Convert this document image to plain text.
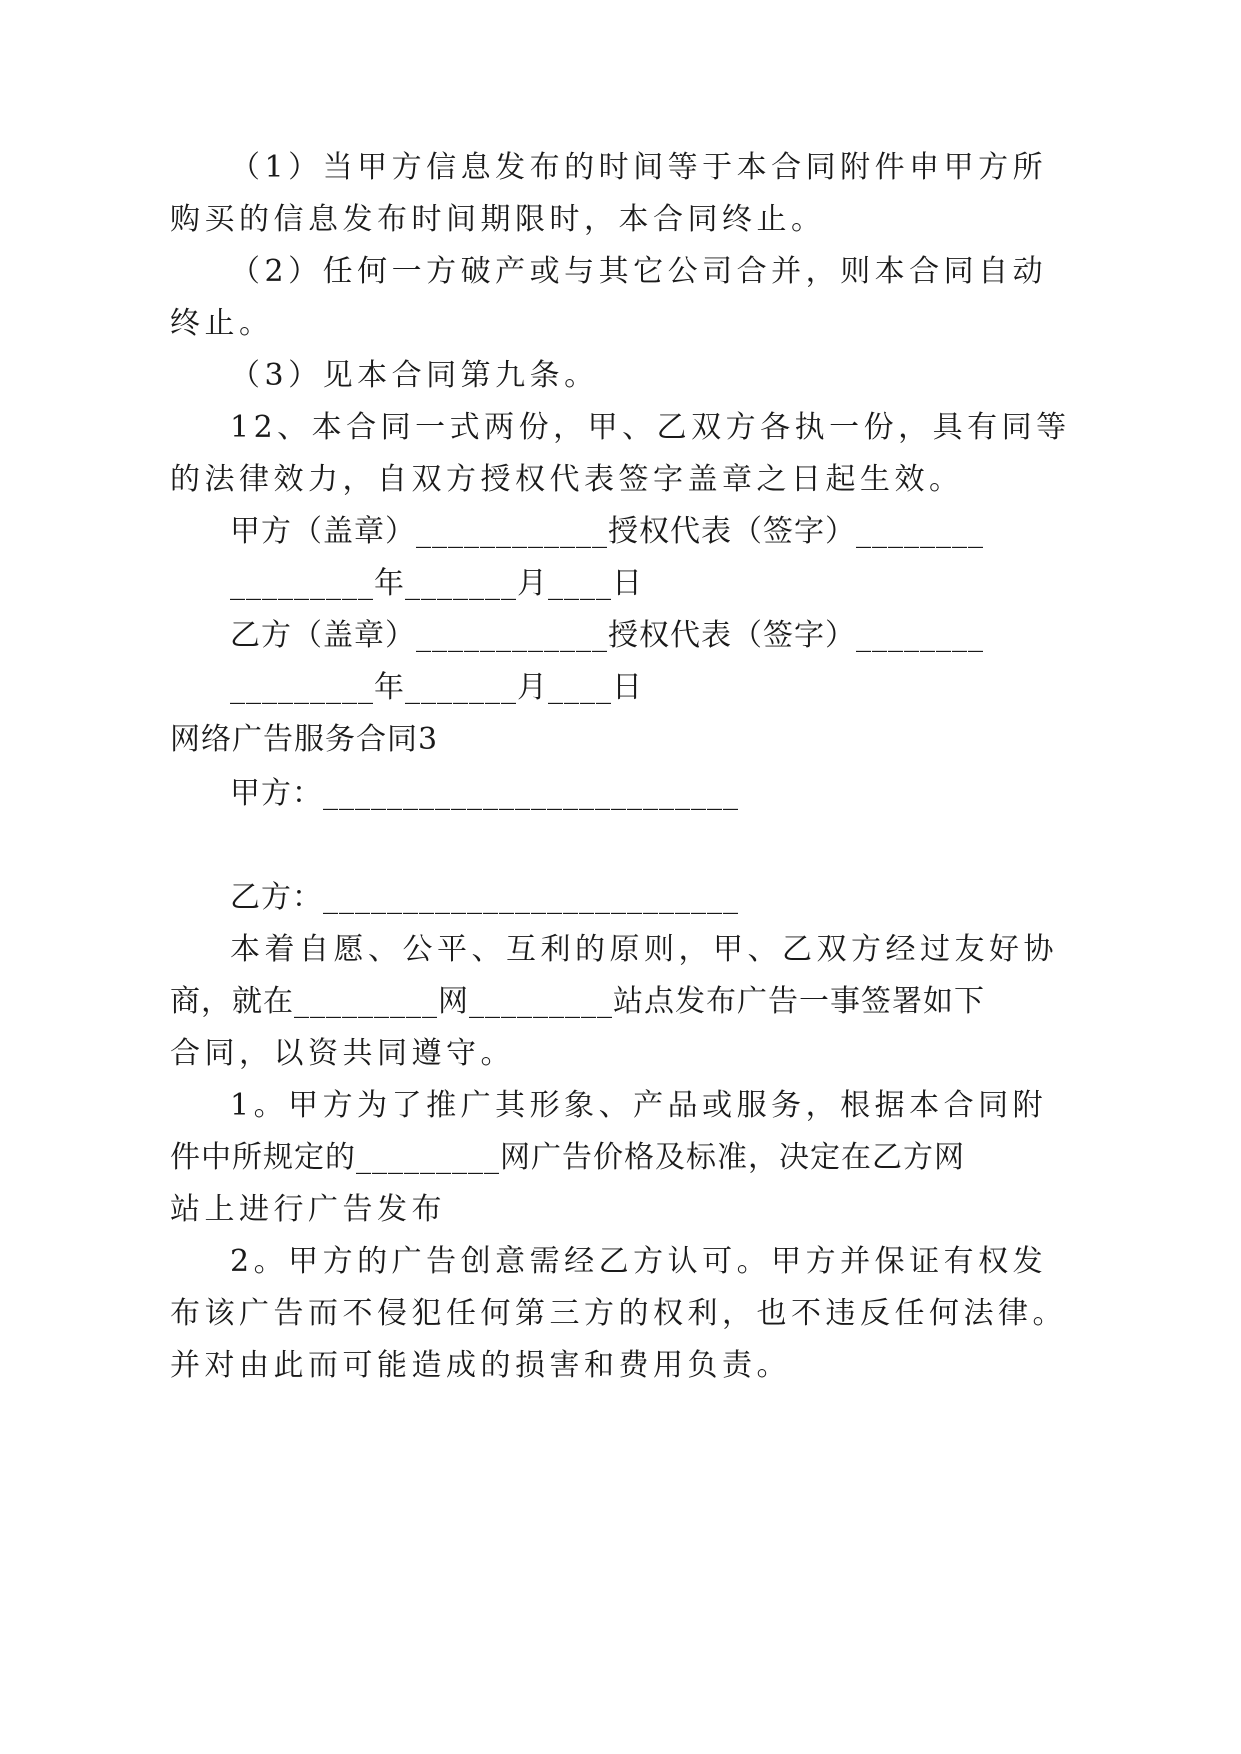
（1）当甲方信息发布的时间等于本合同附件申甲方所
购买的信息发布时间期限时，本合同终止。
（2）任何一方破产或与其它公司合并，则本合同自动
终止。
（3）见本合同第九条。
12、本合同一式两份，甲、乙双方各执一份，具有同等
的法律效力，自双方授权代表签字盖章之日起生效。
甲方（盖章）____________授权代表（签字）________
_________年_______月____日
乙方（盖章）____________授权代表（签字）________
_________年_______月____日
网络广告服务合同3
甲方：__________________________
乙方：__________________________
本着自愿、公平、互利的原则，甲、乙双方经过友好协
商，就在_________网_________站点发布广告一事签署如下
合同，以资共同遵守。
1。甲方为了推广其形象、产品或服务，根据本合同附
件中所规定的_________网广告价格及标准，决定在乙方网
站上进行广告发布
2。甲方的广告创意需经乙方认可。甲方并保证有权发
布该广告而不侵犯任何第三方的权利，也不违反任何法律。
并对由此而可能造成的损害和费用负责。
